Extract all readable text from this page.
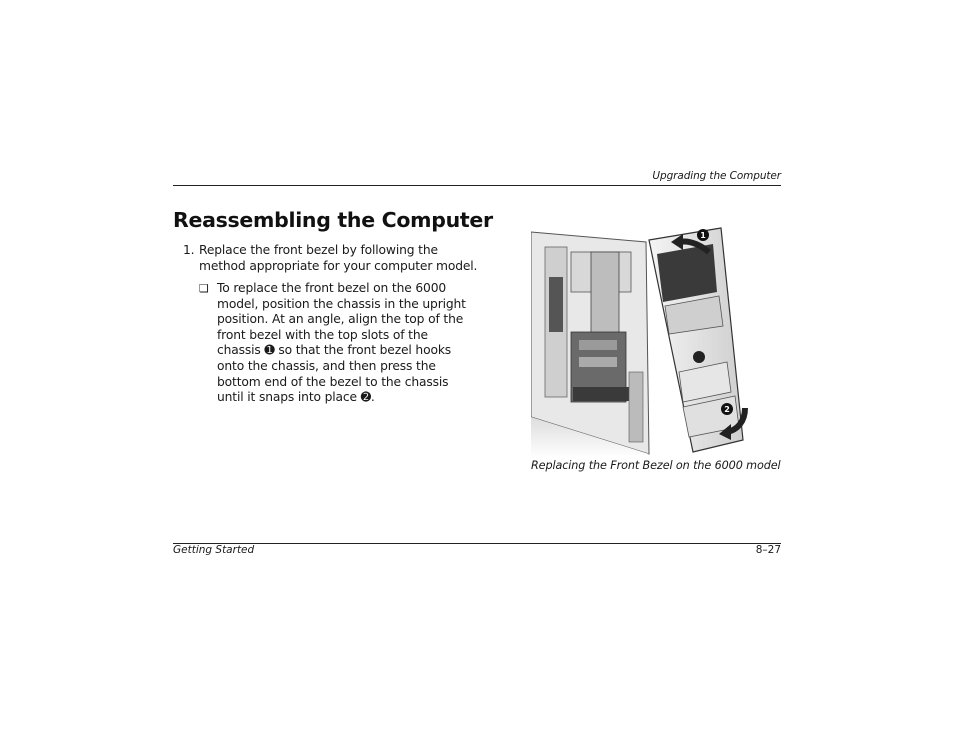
Upgrading the Computer
Reassembling the Computer
1. Replace the front bezel by following the method appropriate for your computer model.
❑ To replace the front bezel on the 6000 model, position the chassis in the upright position. At an angle, align the top of the front bezel with the top slots of the chassis ➊ so that the front bezel hooks onto the chassis, and then press the bottom end of the bezel to the chassis until it snaps into place ➋.
1
2
Replacing the Front Bezel on the 6000 model
Getting Started	8–27
